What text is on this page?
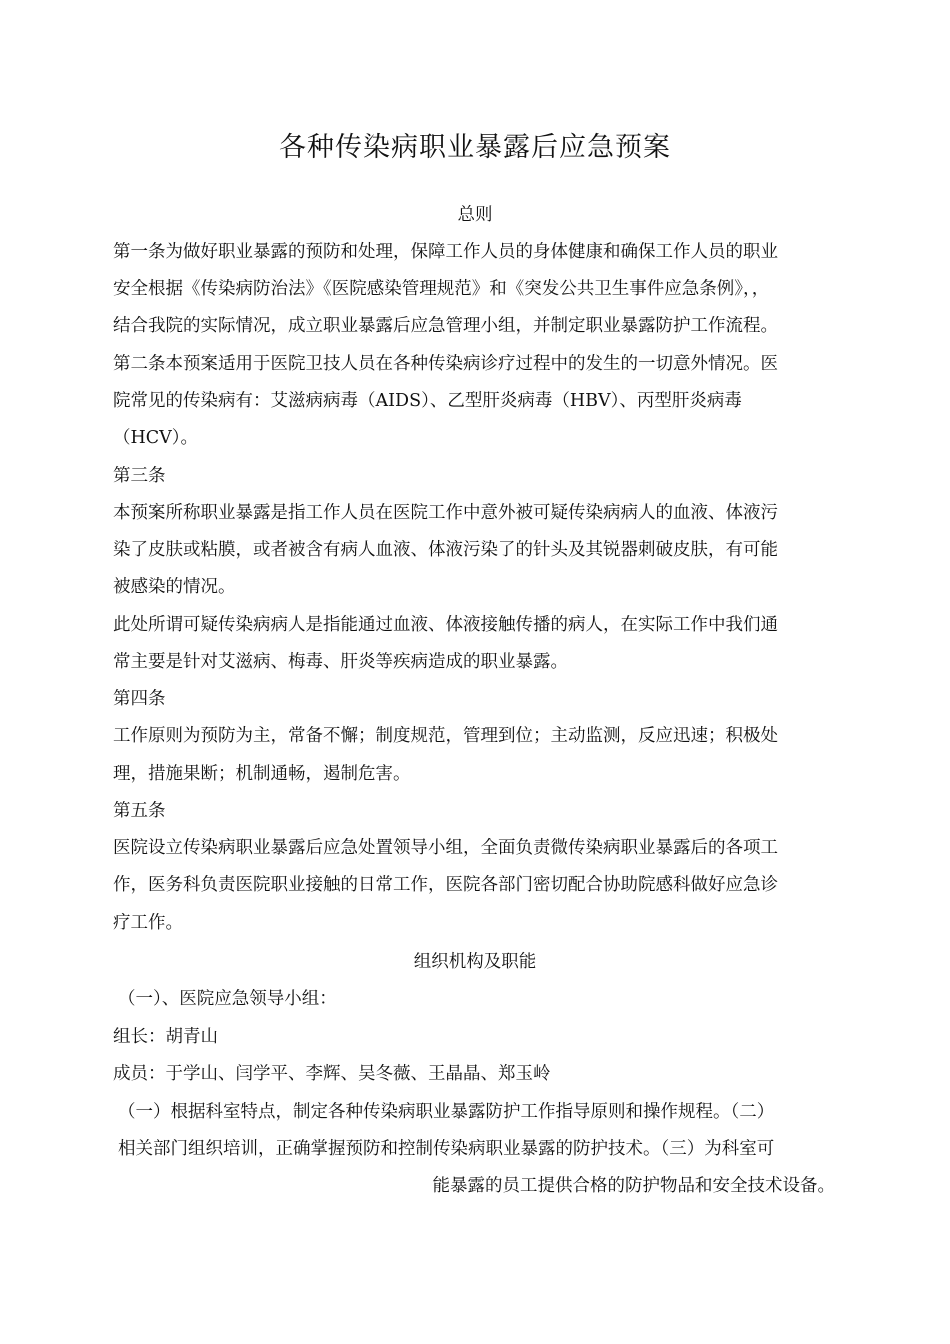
各种传染病职业暴露后应急预案

总则

第一条为做好职业暴露的预防和处理，保障工作人员的身体健康和确保工作人员的职业

安全根据《传染病防治法》《医院感染管理规范》和《突发公共卫生事件应急条例》，，

结合我院的实际情况，成立职业暴露后应急管理小组，并制定职业暴露防护工作流程。

第二条本预案适用于医院卫技人员在各种传染病诊疗过程中的发生的一切意外情况。医

院常见的传染病有：艾滋病病毒（AIDS）、乙型肝炎病毒（HBV）、丙型肝炎病毒

（HCV）。

第三条

本预案所称职业暴露是指工作人员在医院工作中意外被可疑传染病病人的血液、体液污

染了皮肤或粘膜，或者被含有病人血液、体液污染了的针头及其锐器刺破皮肤，有可能

被感染的情况。

此处所谓可疑传染病病人是指能通过血液、体液接触传播的病人，在实际工作中我们通

常主要是针对艾滋病、梅毒、肝炎等疾病造成的职业暴露。

第四条

工作原则为预防为主，常备不懈；制度规范，管理到位；主动监测，反应迅速；积极处

理，措施果断；机制通畅，遏制危害。

第五条

医院设立传染病职业暴露后应急处置领导小组，全面负责微传染病职业暴露后的各项工

作，医务科负责医院职业接触的日常工作，医院各部门密切配合协助院感科做好应急诊

疗工作。

组织机构及职能

（一）、医院应急领导小组：

组长：胡青山

成员：于学山、闫学平、李辉、吴冬薇、王晶晶、郑玉岭

（一）根据科室特点，制定各种传染病职业暴露防护工作指导原则和操作规程。（二）

相关部门组织培训，正确掌握预防和控制传染病职业暴露的防护技术。（三）为科室可

能暴露的员工提供合格的防护物品和安全技术设备。
